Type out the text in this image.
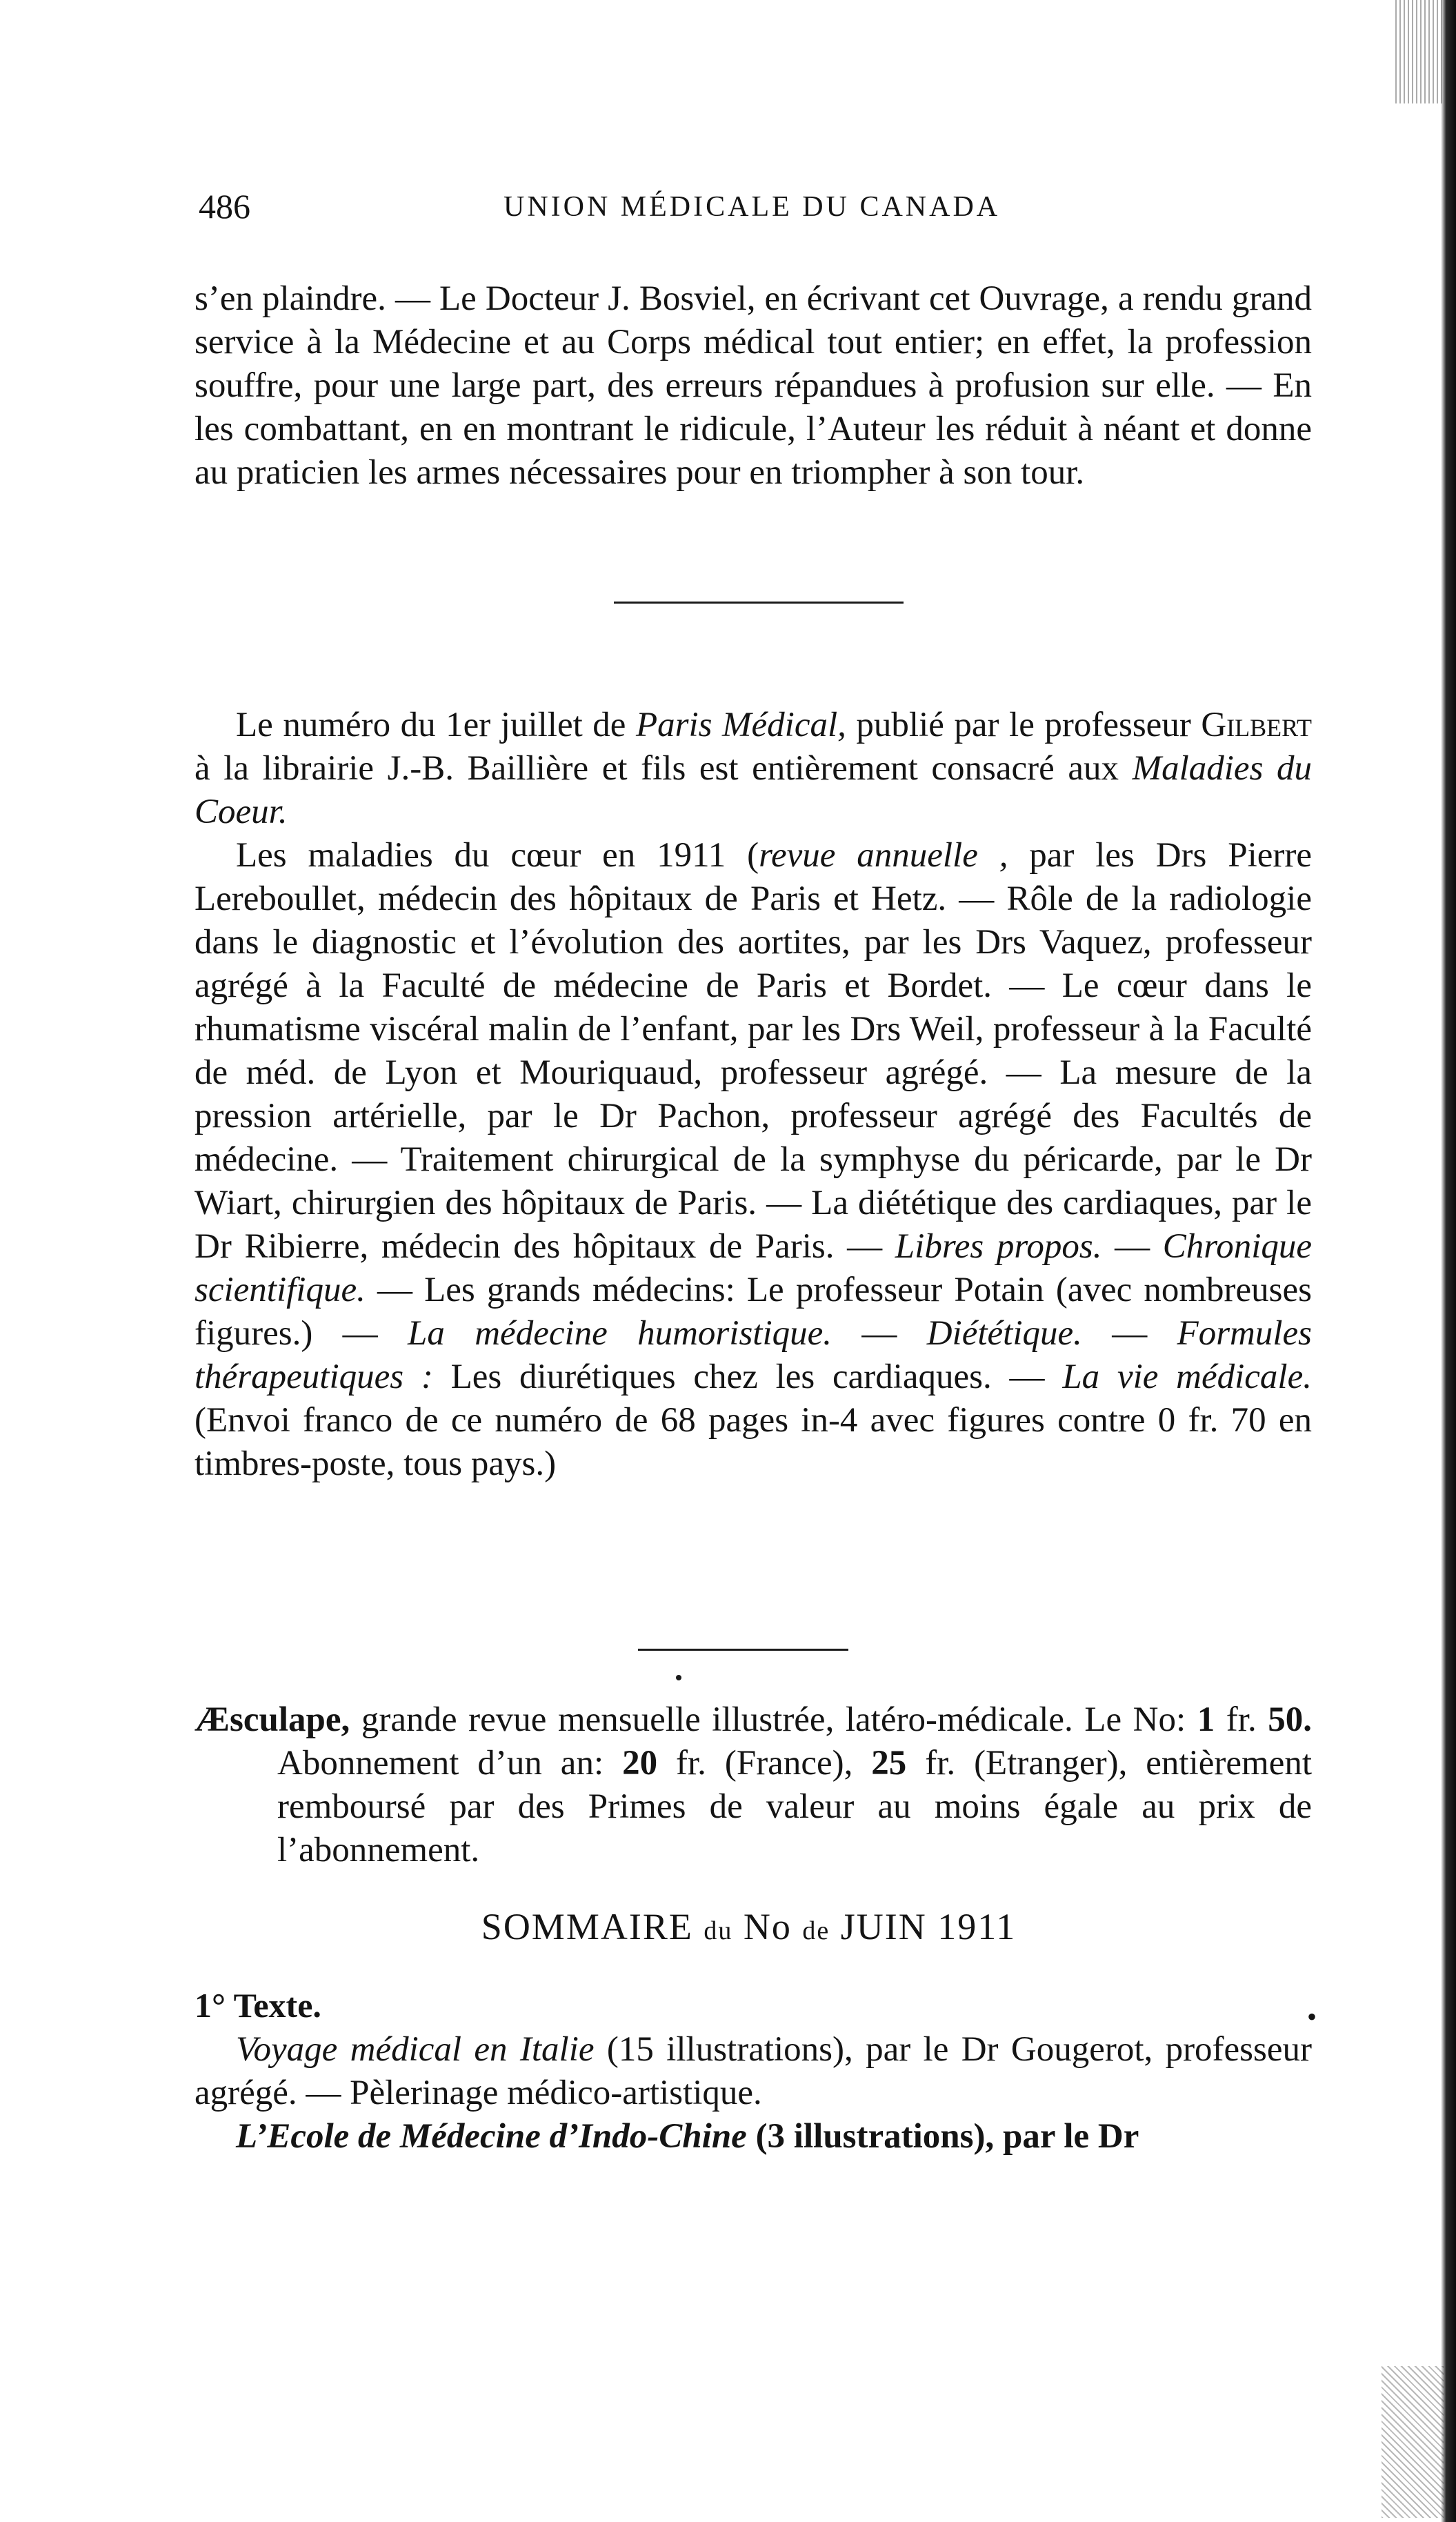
486	UNION MÉDICALE DU CANADA

s’en plaindre. — Le Docteur J. Bosviel, en écrivant cet Ouvrage, a rendu grand service à la Médecine et au Corps médical tout entier; en effet, la profession souffre, pour une large part, des erreurs répandues à profusion sur elle. — En les combattant, en en montrant le ridicule, l’Auteur les réduit à néant et donne au praticien les armes nécessaires pour en triompher à son tour.

Le numéro du 1er juillet de Paris Médical, publié par le professeur Gilbert à la librairie J.-B. Baillière et fils est entièrement consacré aux Maladies du Coeur.

Les maladies du cœur en 1911 (revue annuelle , par les Drs Pierre Lereboullet, médecin des hôpitaux de Paris et Hetz. — Rôle de la radiologie dans le diagnostic et l’évolution des aortites, par les Drs Vaquez, professeur agrégé à la Faculté de médecine de Paris et Bordet. — Le cœur dans le rhumatisme viscéral malin de l’enfant, par les Drs Weil, professeur à la Faculté de méd. de Lyon et Mouriquaud, professeur agrégé. — La mesure de la pression artérielle, par le Dr Pachon, professeur agrégé des Facultés de médecine. — Traitement chirurgical de la symphyse du péricarde, par le Dr Wiart, chirurgien des hôpitaux de Paris. — La diététique des cardiaques, par le Dr Ribierre, médecin des hôpitaux de Paris. — Libres propos. — Chronique scientifique. — Les grands médecins: Le professeur Potain (avec nombreuses figures.) — La médecine humoristique. — Diététique. — Formules thérapeutiques : Les diurétiques chez les cardiaques. — La vie médicale. (Envoi franco de ce numéro de 68 pages in-4 avec figures contre 0 fr. 70 en timbres-poste, tous pays.)

Æsculape, grande revue mensuelle illustrée, latéro-médicale. Le No: 1 fr. 50. Abonnement d’un an: 20 fr. (France), 25 fr. (Etranger), entièrement remboursé par des Primes de valeur au moins égale au prix de l’abonnement.

SOMMAIRE du No de JUIN 1911
1° Texte.	•

Voyage médical en Italie (15 illustrations), par le Dr Gougerot, professeur agrégé. — Pèlerinage médico-artistique.

L’Ecole de Médecine d’Indo-Chine (3 illustrations), par le Dr
